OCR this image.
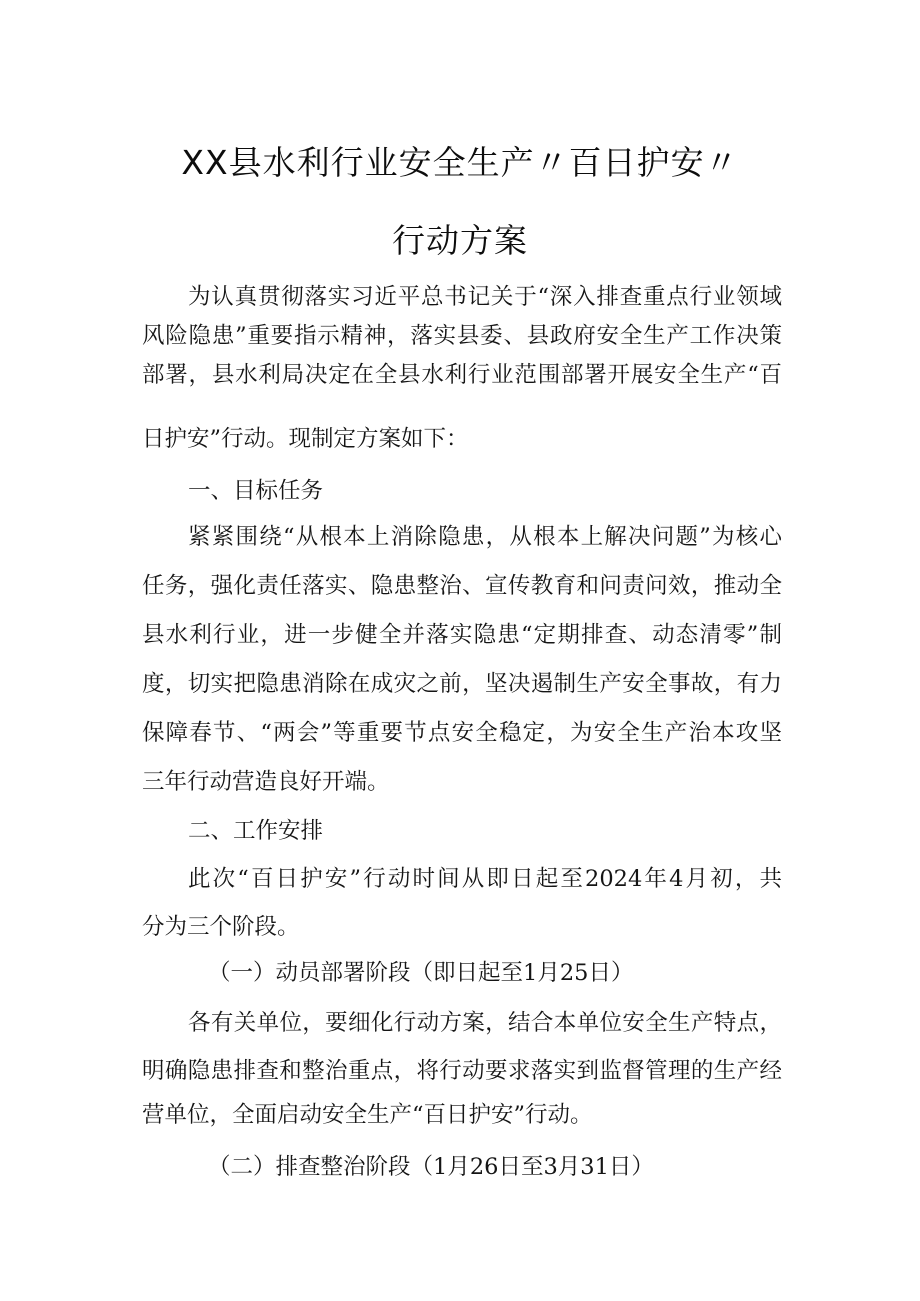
XX县水利行业安全生产〃百日护安〃
行动方案
为认真贯彻落实习近平总书记关于“深入排查重点行业领域
风险隐患”重要指示精神，落实县委、县政府安全生产工作决策
部署，县水利局决定在全县水利行业范围部署开展安全生产“百
日护安”行动。现制定方案如下：
一、目标任务
紧紧围绕“从根本上消除隐患，从根本上解决问题”为核心
任务，强化责任落实、隐患整治、宣传教育和问责问效，推动全
县水利行业，进一步健全并落实隐患“定期排查、动态清零”制
度，切实把隐患消除在成灾之前，坚决遏制生产安全事故，有力
保障春节、“两会”等重要节点安全稳定，为安全生产治本攻坚
三年行动营造良好开端。
二、工作安排
此次“百日护安”行动时间从即日起至2024年4月初，共
分为三个阶段。
（一）动员部署阶段（即日起至1月25日）
各有关单位，要细化行动方案，结合本单位安全生产特点，
明确隐患排查和整治重点，将行动要求落实到监督管理的生产经
营单位，全面启动安全生产“百日护安”行动。
（二）排查整治阶段（1月26日至3月31日）
